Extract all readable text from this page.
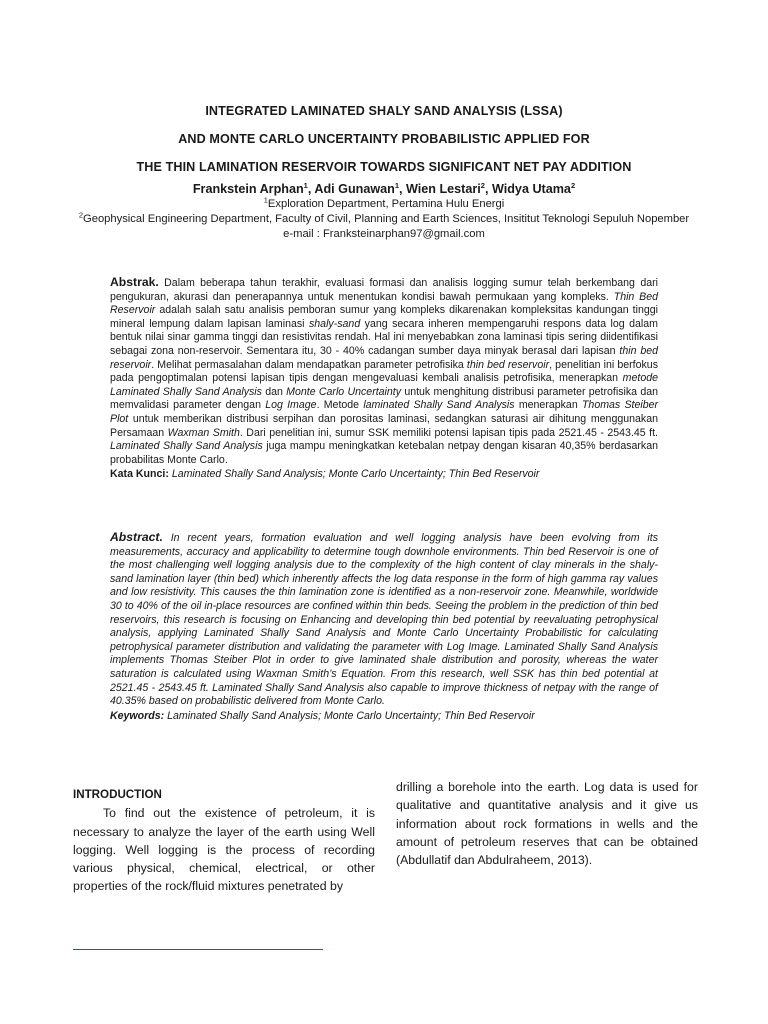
INTEGRATED LAMINATED SHALY SAND ANALYSIS (LSSA)
AND MONTE CARLO UNCERTAINTY PROBABILISTIC APPLIED FOR
THE THIN LAMINATION RESERVOIR TOWARDS SIGNIFICANT NET PAY ADDITION
Frankstein Arphan$^1$, Adi Gunawan$^1$, Wien Lestari$^2$, Widya Utama$^2$
$^1$Exploration Department, Pertamina Hulu Energi
$^2$Geophysical Engineering Department, Faculty of Civil, Planning and Earth Sciences, Insititut Teknologi Sepuluh Nopember
e-mail : Franksteinarphan97@gmail.com
Abstrak. Dalam beberapa tahun terakhir, evaluasi formasi dan analisis logging sumur telah berkembang dari pengukuran, akurasi dan penerapannya untuk menentukan kondisi bawah permukaan yang kompleks. Thin Bed Reservoir adalah salah satu analisis pemboran sumur yang kompleks dikarenakan kompleksitas kandungan tinggi mineral lempung dalam lapisan laminasi shaly-sand yang secara inheren mempengaruhi respons data log dalam bentuk nilai sinar gamma tinggi dan resistivitas rendah. Hal ini menyebabkan zona laminasi tipis sering diidentifikasi sebagai zona non-reservoir. Sementara itu, 30 - 40% cadangan sumber daya minyak berasal dari lapisan thin bed reservoir. Melihat permasalahan dalam mendapatkan parameter petrofisika thin bed reservoir, penelitian ini berfokus pada pengoptimalan potensi lapisan tipis dengan mengevaluasi kembali analisis petrofisika, menerapkan metode Laminated Shally Sand Analysis dan Monte Carlo Uncertainty untuk menghitung distribusi parameter petrofisika dan memvalidasi parameter dengan Log Image. Metode laminated Shally Sand Analysis menerapkan Thomas Steiber Plot untuk memberikan distribusi serpihan dan porositas laminasi, sedangkan saturasi air dihitung menggunakan Persamaan Waxman Smith. Dari penelitian ini, sumur SSK memiliki potensi lapisan tipis pada 2521.45 - 2543.45 ft. Laminated Shally Sand Analysis juga mampu meningkatkan ketebalan netpay dengan kisaran 40,35% berdasarkan probabilitas Monte Carlo.
Kata Kunci: Laminated Shally Sand Analysis; Monte Carlo Uncertainty; Thin Bed Reservoir
Abstract. In recent years, formation evaluation and well logging analysis have been evolving from its measurements, accuracy and applicability to determine tough downhole environments. Thin bed Reservoir is one of the most challenging well logging analysis due to the complexity of the high content of clay minerals in the shaly-sand lamination layer (thin bed) which inherently affects the log data response in the form of high gamma ray values and low resistivity. This causes the thin lamination zone is identified as a non-reservoir zone. Meanwhile, worldwide 30 to 40% of the oil in-place resources are confined within thin beds. Seeing the problem in the prediction of thin bed reservoirs, this research is focusing on Enhancing and developing thin bed potential by reevaluating petrophysical analysis, applying Laminated Shally Sand Analysis and Monte Carlo Uncertainty Probabilistic for calculating petrophysical parameter distribution and validating the parameter with Log Image. Laminated Shally Sand Analysis implements Thomas Steiber Plot in order to give laminated shale distribution and porosity, whereas the water saturation is calculated using Waxman Smith’s Equation. From this research, well SSK has thin bed potential at 2521.45 - 2543.45 ft. Laminated Shally Sand Analysis also capable to improve thickness of netpay with the range of 40.35% based on probabilistic delivered from Monte Carlo.
Keywords: Laminated Shally Sand Analysis; Monte Carlo Uncertainty; Thin Bed Reservoir
INTRODUCTION
To find out the existence of petroleum, it is necessary to analyze the layer of the earth using Well logging. Well logging is the process of recording various physical, chemical, electrical, or other properties of the rock/fluid mixtures penetrated by
drilling a borehole into the earth. Log data is used for qualitative and quantitative analysis and it give us information about rock formations in wells and the amount of petroleum reserves that can be obtained (Abdullatif dan Abdulraheem, 2013).
